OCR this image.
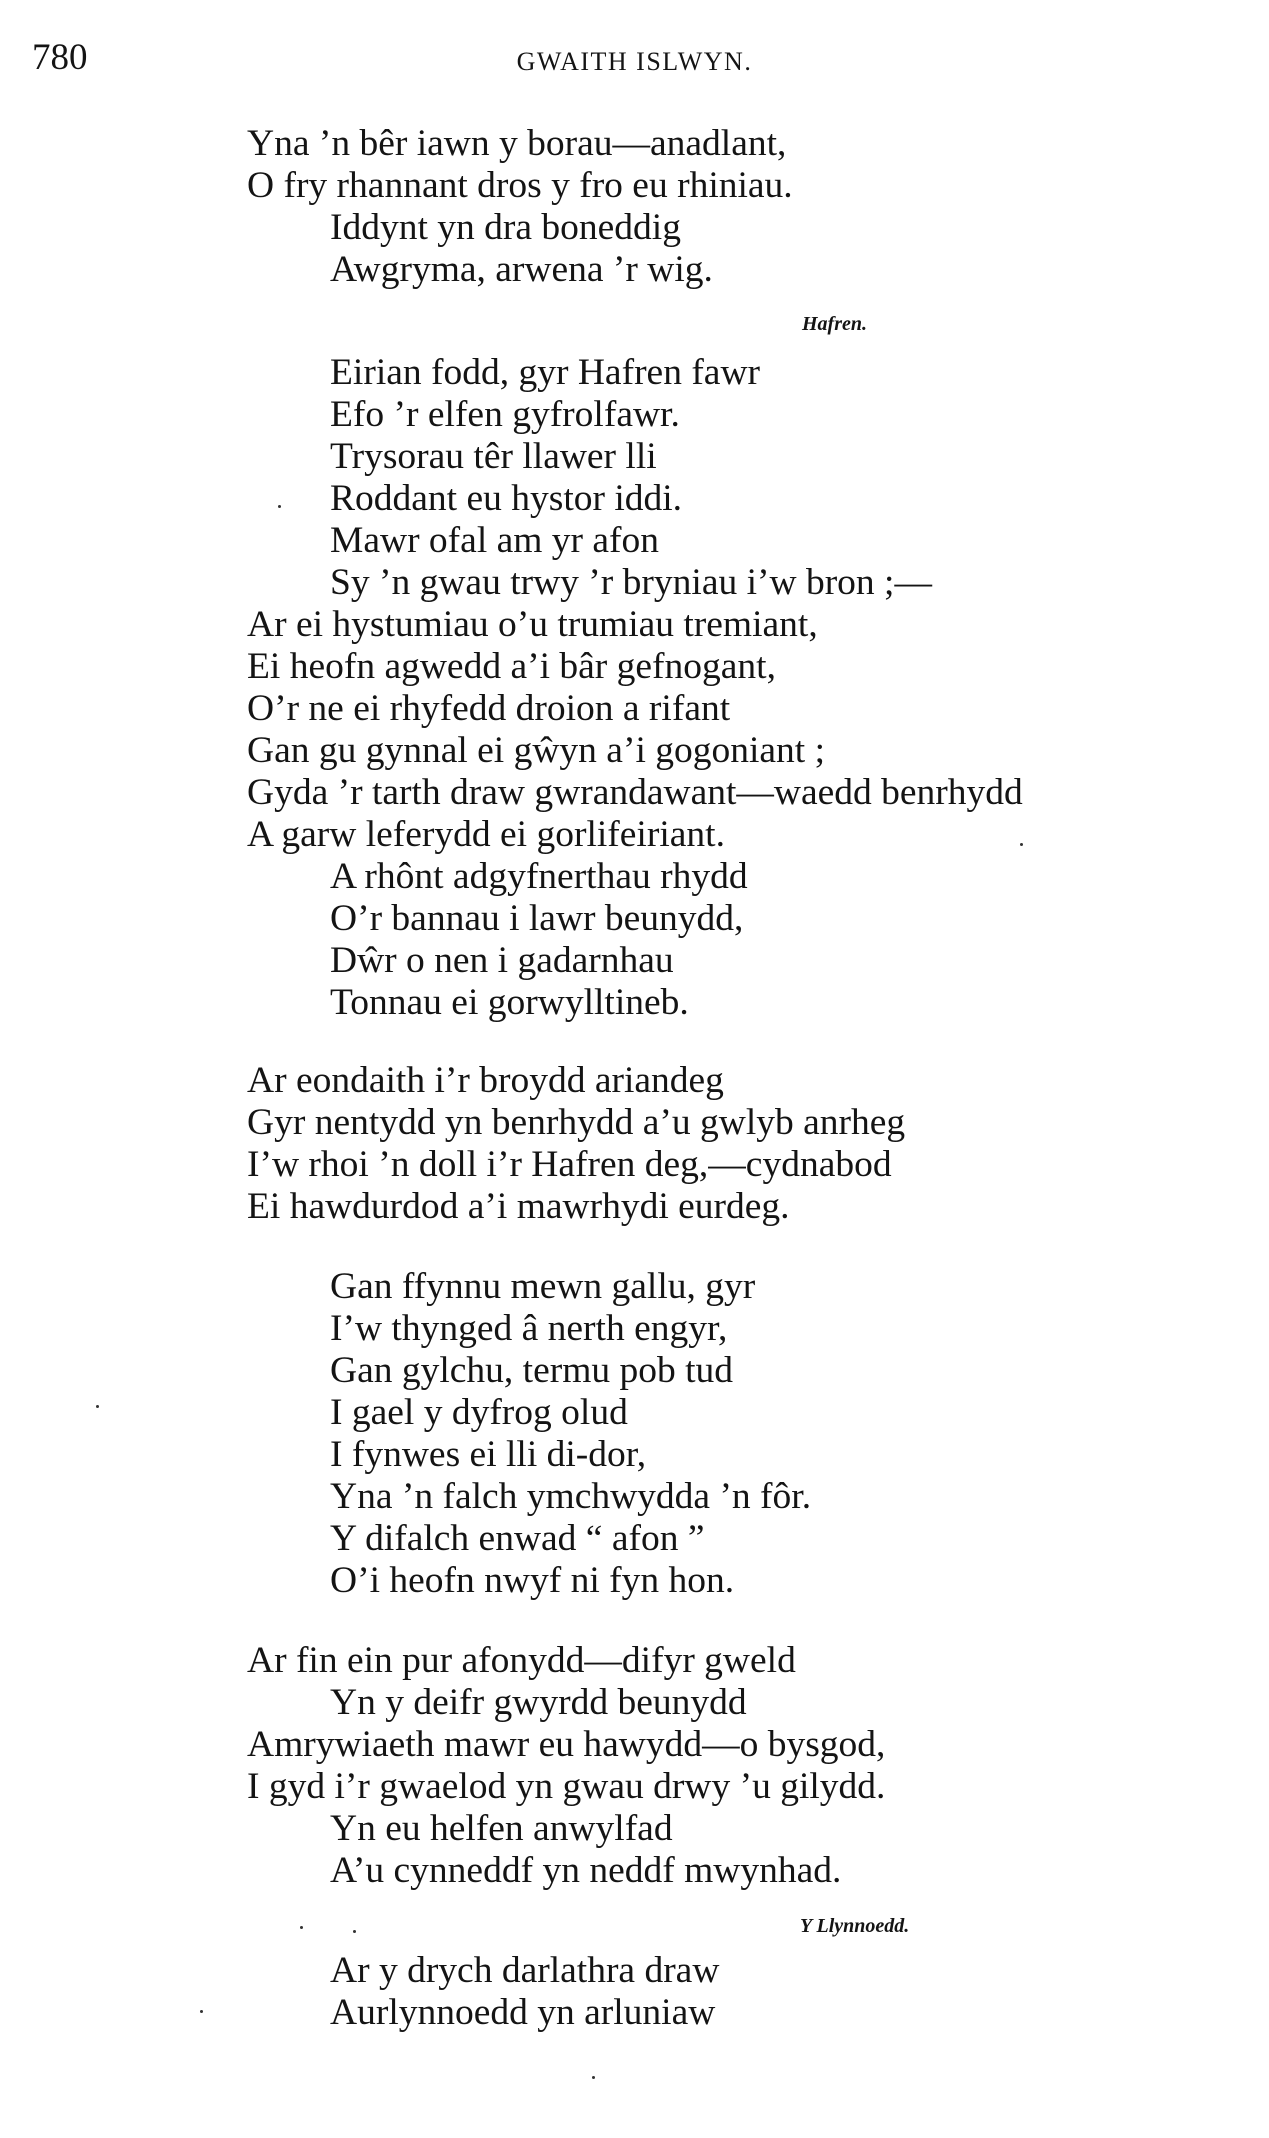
780	GWAITH ISLWYN.
Yna ’n bêr iawn y borau—anadlant,
O fry rhannant dros y fro eu rhiniau.
Iddynt yn dra boneddig
Awgryma, arwena ’r wig.
Hafren.
Eirian fodd, gyr Hafren fawr
Efo ’r elfen gyfrolfawr.
Trysorau têr llawer lli
Roddant eu hystor iddi.
Mawr ofal am yr afon
Sy ’n gwau trwy ’r bryniau i’w bron ;—
Ar ei hystumiau o’u trumiau tremiant,
Ei heofn agwedd a’i bâr gefnogant,
O’r ne ei rhyfedd droion a rifant
Gan gu gynnal ei gŵyn a’i gogoniant ;
Gyda ’r tarth draw gwrandawant—waedd benrhydd
A garw leferydd ei gorlifeiriant.
A rhônt adgyfnerthau rhydd
O’r bannau i lawr beunydd,
Dŵr o nen i gadarnhau
Tonnau ei gorwylltineb.
Ar eondaith i’r broydd ariandeg
Gyr nentydd yn benrhydd a’u gwlyb anrheg
I’w rhoi ’n doll i’r Hafren deg,—cydnabod
Ei hawdurdod a’i mawrhydi eurdeg.
Gan ffynnu mewn gallu, gyr
I’w thynged â nerth engyr,
Gan gylchu, termu pob tud
I gael y dyfrog olud
I fynwes ei lli di-dor,
Yna ’n falch ymchwydda ’n fôr.
Y difalch enwad “ afon ”
O’i heofn nwyf ni fyn hon.
Ar fin ein pur afonydd—difyr gweld
Yn y deifr gwyrdd beunydd
Amrywiaeth mawr eu hawydd—o bysgod,
I gyd i’r gwaelod yn gwau drwy ’u gilydd.
Yn eu helfen anwylfad
A’u cynneddf yn neddf mwynhad.
Y Llynnoedd.
Ar y drych darlathra draw
Aurlynnoedd yn arluniaw
